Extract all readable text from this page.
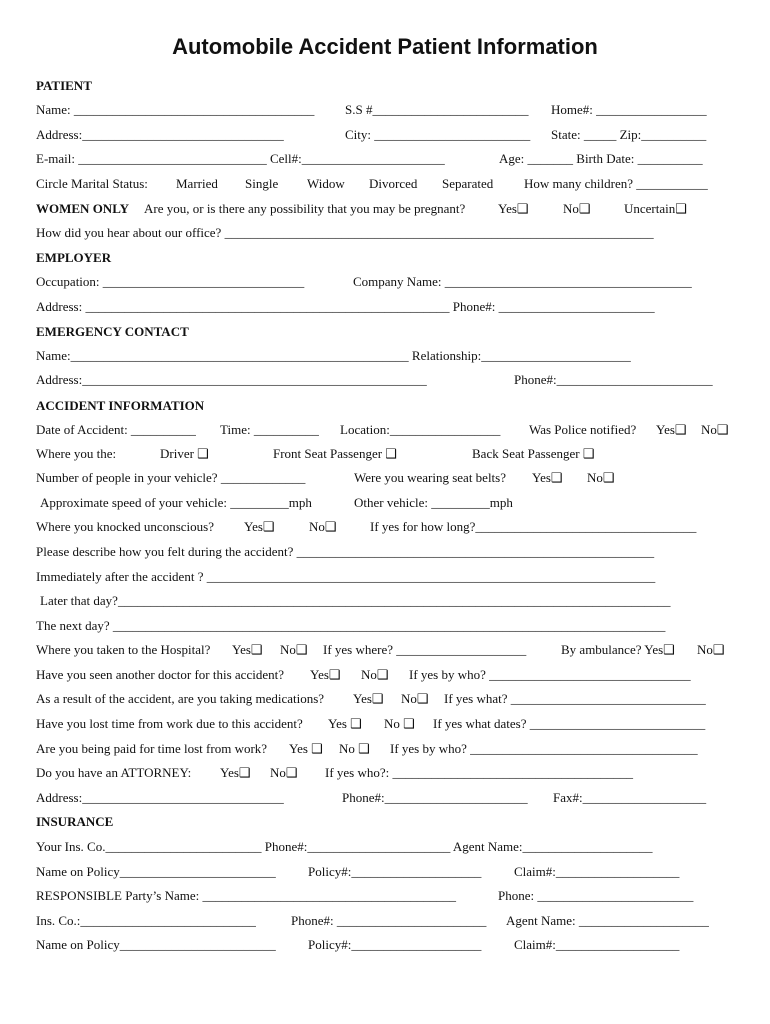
Automobile Accident Patient Information
PATIENT
Name: _____________________________________ S.S #________________________ Home#: _________________
Address:_______________________________	City: ________________________ State: _____ Zip:__________
E-mail: _____________________________ Cell#:______________________	Age: _______ Birth Date: __________
Circle Marital Status: Married Single Widow Divorced Separated How many children? ___________
WOMEN ONLY Are you, or is there any possibility that you may be pregnant?	Yes❑	No❑	Uncertain❑
How did you hear about our office? __________________________________________________________________
EMPLOYER
Occupation: _______________________________	Company Name: ______________________________________
Address: ________________________________________________________ Phone#: ________________________
EMERGENCY CONTACT
Name:____________________________________________________ Relationship:_______________________
Address:_____________________________________________________	Phone#:________________________
ACCIDENT INFORMATION
Date of Accident: __________ Time: __________ Location:_________________ Was Police notified? Yes❑ No❑
Where you the:	Driver ❑	Front Seat Passenger ❑	Back Seat Passenger ❑
Number of people in your vehicle? _____________	Were you wearing seat belts? Yes❑ No❑
Approximate speed of your vehicle: _________mph	Other vehicle: _________mph
Where you knocked unconscious? Yes❑	No❑	If yes for how long?__________________________________
Please describe how you felt during the accident? _______________________________________________________
Immediately after the accident ? _____________________________________________________________________
Later that day?_____________________________________________________________________________________
The next day? _____________________________________________________________________________________
Where you taken to the Hospital? Yes❑ No❑ If yes where? ____________________	By ambulance? Yes❑ No❑
Have you seen another doctor for this accident? Yes❑ No❑ If yes by who? _______________________________
As a result of the accident, are you taking medications? Yes❑ No❑ If yes what? ______________________________
Have you lost time from work due to this accident? Yes ❑ No ❑ If yes what dates? ___________________________
Are you being paid for time lost from work? Yes ❑ No ❑ If yes by who? ___________________________________
Do you have an ATTORNEY: Yes❑ No❑ If yes who?: _____________________________________
Address:_______________________________	Phone#:______________________ Fax#:___________________
INSURANCE
Your Ins. Co.________________________ Phone#:______________________ Agent Name:____________________
Name on Policy________________________ Policy#:____________________	Claim#:___________________
RESPONSIBLE Party’s Name: _______________________________________	Phone: ________________________
Ins. Co.:___________________________	Phone#: _______________________ Agent Name: ____________________
Name on Policy________________________ Policy#:____________________	Claim#:___________________
